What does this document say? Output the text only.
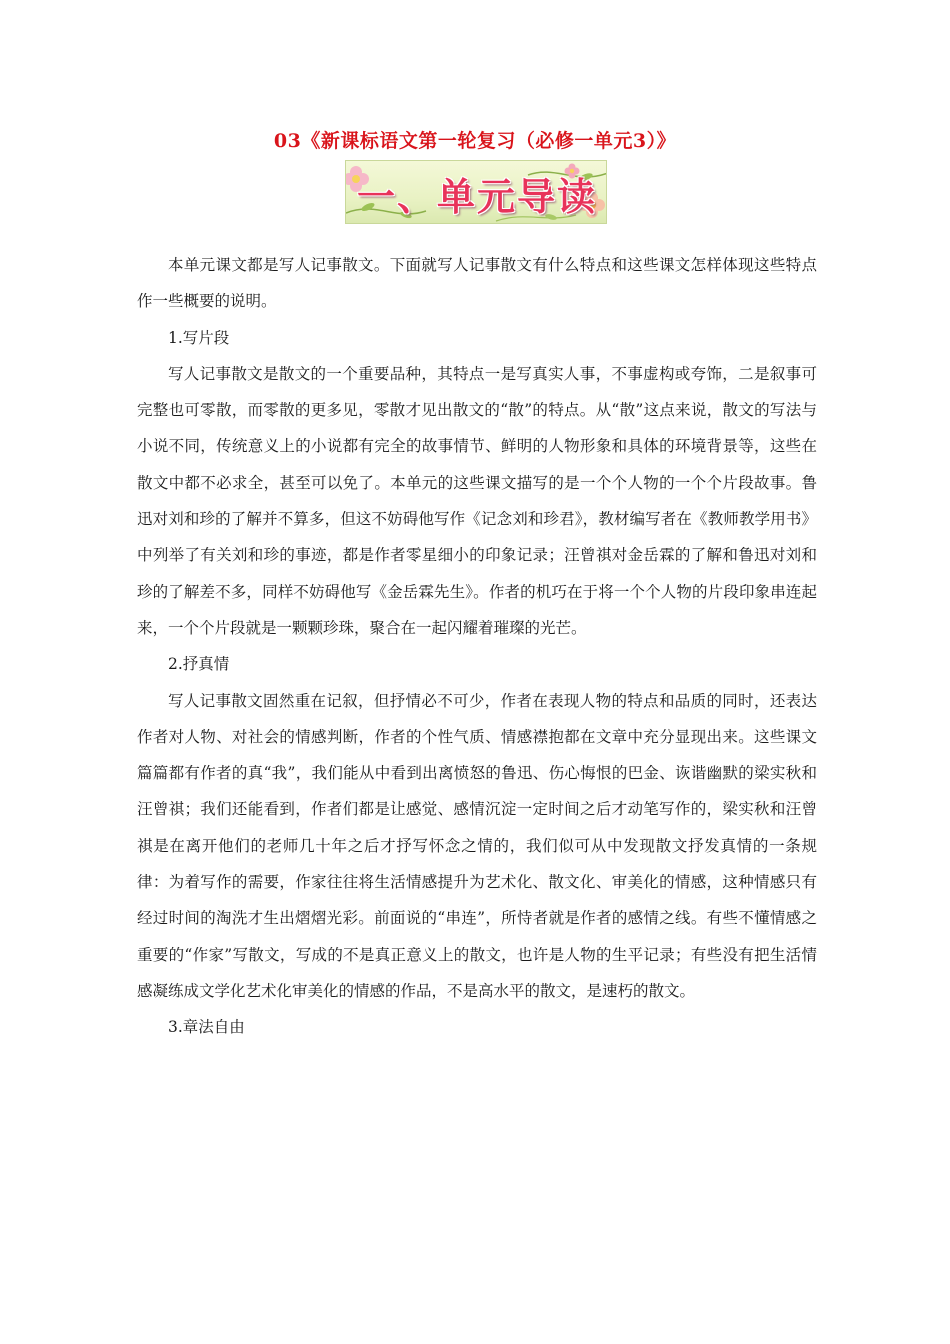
03《新课标语文第一轮复习（必修一单元3）》
一、单元导读

本单元课文都是写人记事散文。下面就写人记事散文有什么特点和这些课文怎样体现这些特点作一些概要的说明。

1.写片段

写人记事散文是散文的一个重要品种，其特点一是写真实人事，不事虚构或夸饰，二是叙事可完整也可零散，而零散的更多见，零散才见出散文的“散”的特点。从“散”这点来说，散文的写法与小说不同，传统意义上的小说都有完全的故事情节、鲜明的人物形象和具体的环境背景等，这些在散文中都不必求全，甚至可以免了。本单元的这些课文描写的是一个个人物的一个个片段故事。鲁迅对刘和珍的了解并不算多，但这不妨碍他写作《记念刘和珍君》，教材编写者在《教师教学用书》中列举了有关刘和珍的事迹，都是作者零星细小的印象记录；汪曾祺对金岳霖的了解和鲁迅对刘和珍的了解差不多，同样不妨碍他写《金岳霖先生》。作者的机巧在于将一个个人物的片段印象串连起来，一个个片段就是一颗颗珍珠，聚合在一起闪耀着璀璨的光芒。

2.抒真情

写人记事散文固然重在记叙，但抒情必不可少，作者在表现人物的特点和品质的同时，还表达作者对人物、对社会的情感判断，作者的个性气质、情感襟抱都在文章中充分显现出来。这些课文篇篇都有作者的真“我”，我们能从中看到出离愤怒的鲁迅、伤心悔恨的巴金、诙谐幽默的梁实秋和汪曾祺；我们还能看到，作者们都是让感觉、感情沉淀一定时间之后才动笔写作的，梁实秋和汪曾祺是在离开他们的老师几十年之后才抒写怀念之情的，我们似可从中发现散文抒发真情的一条规律：为着写作的需要，作家往往将生活情感提升为艺术化、散文化、审美化的情感，这种情感只有经过时间的淘洗才生出熠熠光彩。前面说的“串连”，所恃者就是作者的感情之线。有些不懂情感之重要的“作家”写散文，写成的不是真正意义上的散文，也许是人物的生平记录；有些没有把生活情感凝练成文学化艺术化审美化的情感的作品，不是高水平的散文，是速朽的散文。

3.章法自由
